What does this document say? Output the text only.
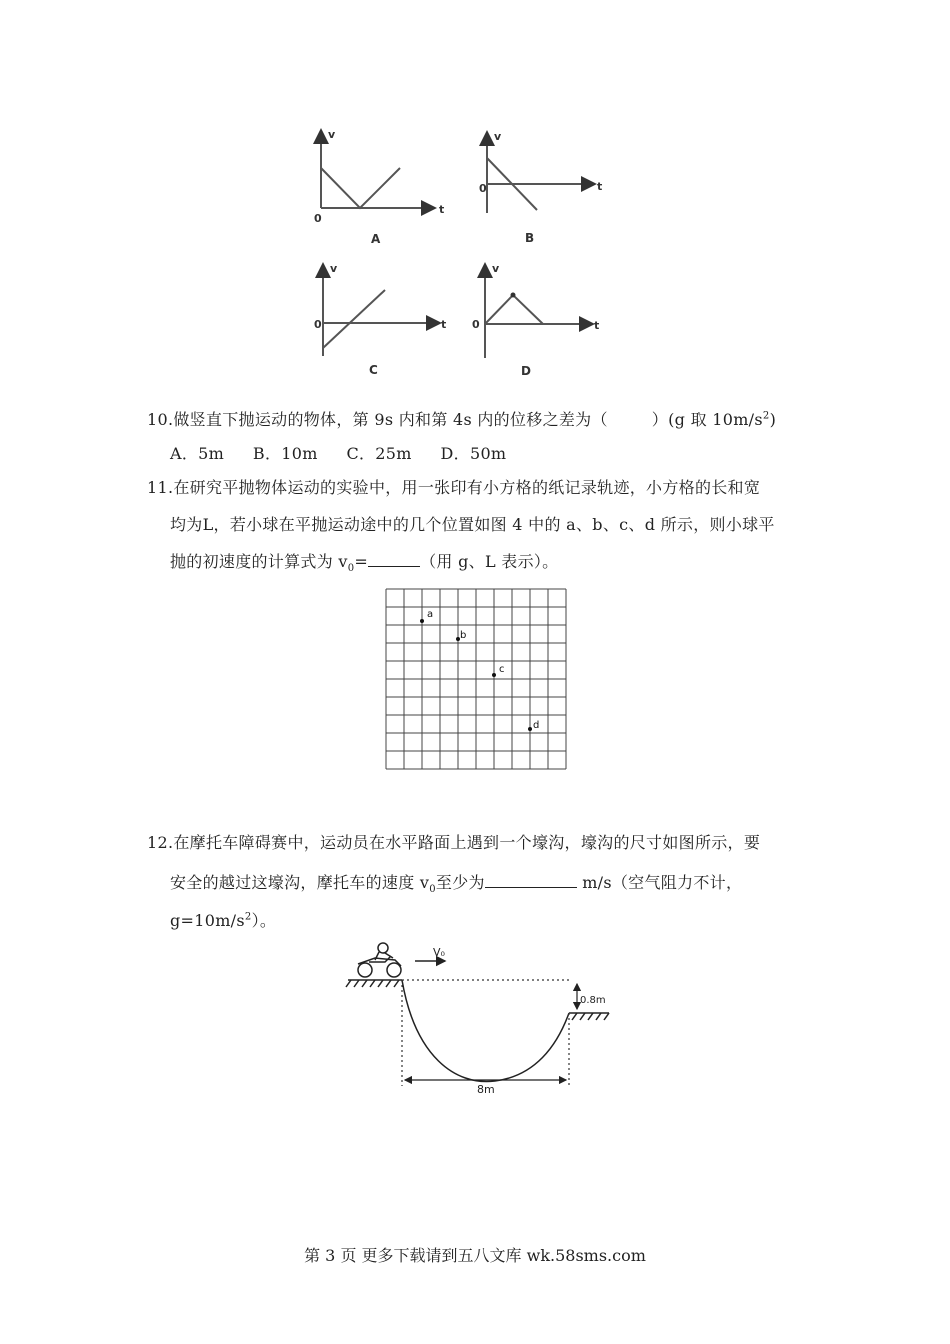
v
t
0
A
v
t
0
B
v
t
0
C
v
t
0
D
10.做竖直下抛运动的物体，第 9s 内和第 4s 内的位移之差为（	）(g 取 $10m/s^2$)
A．5m B．10m C．25m D．50m
11.在研究平抛物体运动的实验中，用一张印有小方格的纸记录轨迹，小方格的长和宽
均为L，若小球在平抛运动途中的几个位置如图 4 中的 a、b、c、d 所示，则小球平
抛的初速度的计算式为 $v_0=$	（用 g、L 表示）。
a
b
c
d
12.在摩托车障碍赛中，运动员在水平路面上遇到一个壕沟，壕沟的尺寸如图所示，要
安全的越过这壕沟，摩托车的速度 $v_0$至少为	m/s（空气阻力不计，
$g=10m/s^2$）。
V₀
0.8m
8m
第 3 页 更多下载请到五八文库 wk.58sms.com
